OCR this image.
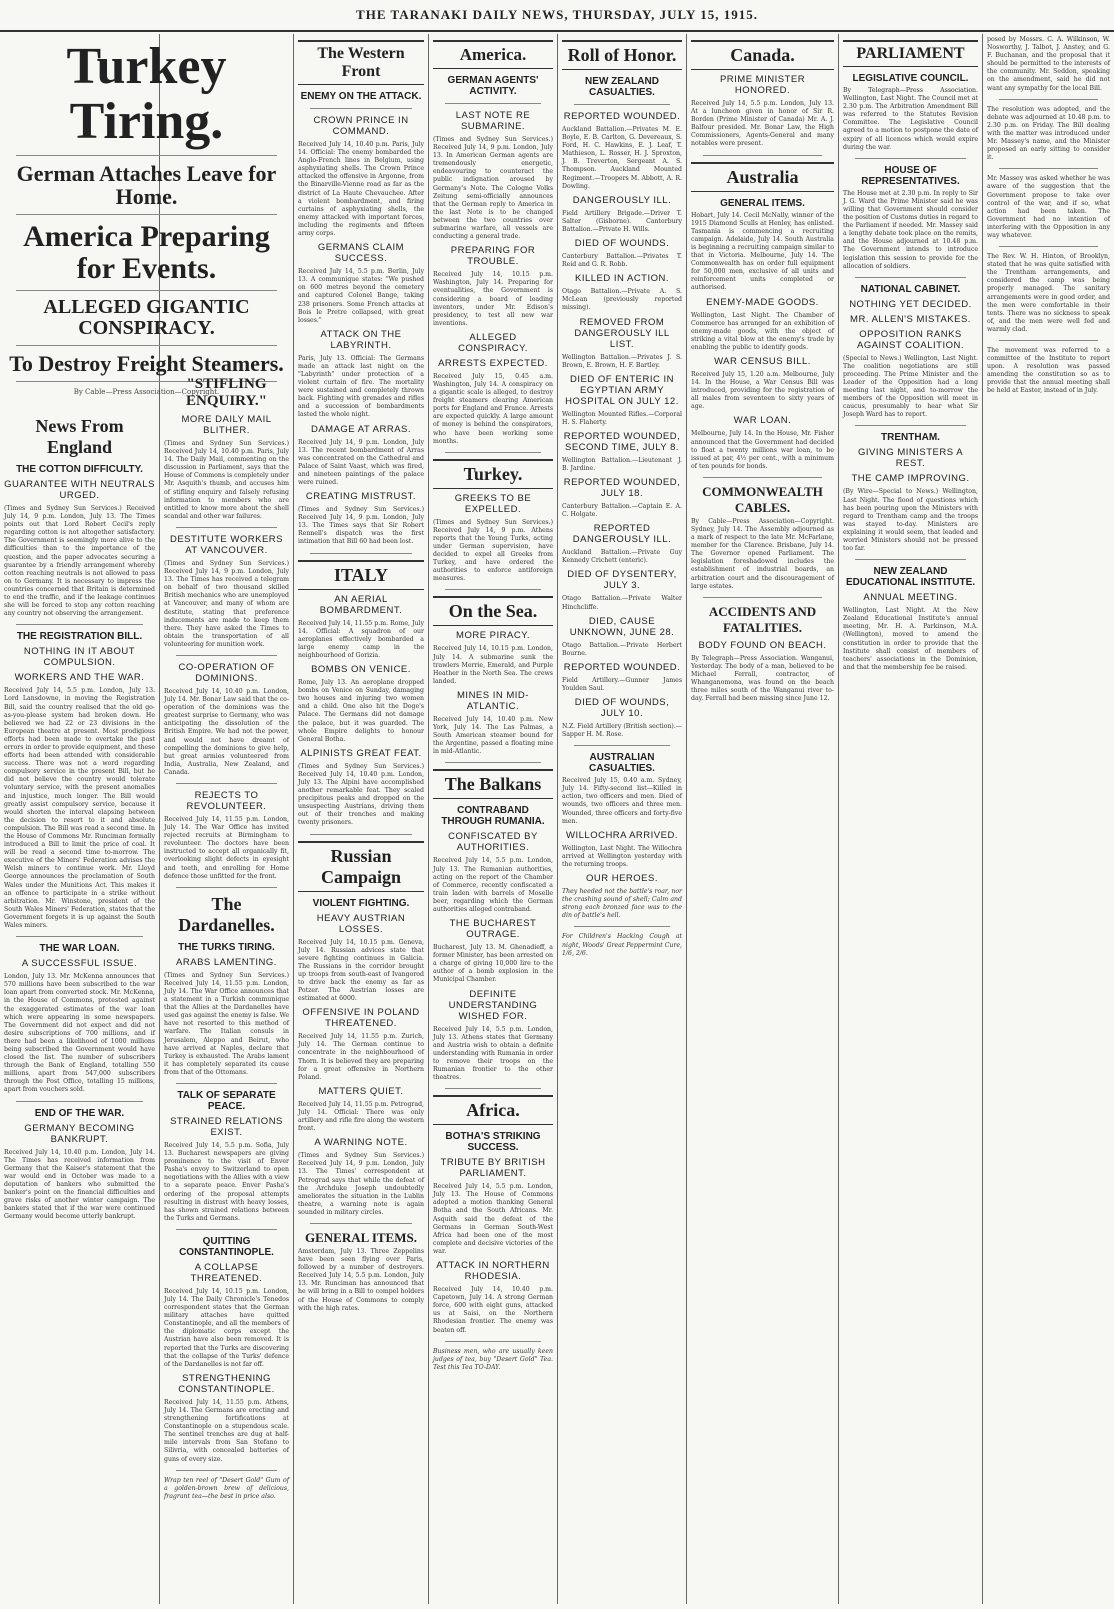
THE TARANAKI DAILY NEWS, THURSDAY, JULY 15, 1915.
Turkey Tiring.
German Attaches Leave for Home.
America Preparing for Events.
ALLEGED GIGANTIC CONSPIRACY.
To Destroy Freight Steamers.
By Cable—Press Association—Copyright.
News From England
THE COTTON DIFFICULTY.
GUARANTEE WITH NEUTRALS URGED.
(Times and Sydney Sun Services.) Received July 14, 9 p.m. London, July 13. The Times points out that Lord Robert Cecil's reply regarding cotton is not altogether satisfactory. The Government is seemingly more alive to the difficulties than to the importance of the question, and the paper advocates securing a guarantee by a friendly arrangement whereby cotton reaching neutrals is not allowed to pass on to Germany. It is necessary to impress the countries concerned that Britain is determined to end the traffic, and if the leakage continues she will be forced to stop any cotton reaching any country not observing the arrangement.
THE REGISTRATION BILL.
NOTHING IN IT ABOUT COMPULSION.
WORKERS AND THE WAR.
Received July 14, 5.5 p.m. London, July 13. Lord Lansdowne, in moving the Registration Bill, said the country realised that the old go-as-you-please system had broken down. He believed we had 22 or 23 divisions in the European theatre at present. Most prodigious efforts had been made to overtake the past errors in order to provide equipment, and these efforts had been attended with considerable success. There was not a word regarding compulsory service in the present Bill, but he did not believe the country would tolerate voluntary service, with the present anomalies and injustice, much longer. The Bill would greatly assist compulsory service, because it would shorten the interval elapsing between the decision to resort to it and absolute compulsion. The Bill was read a second time. In the House of Commons Mr. Runciman formally introduced a Bill to limit the price of coal. It will be read a second time to-morrow. The executive of the Miners' Federation advises the Welsh miners to continue work. Mr. Lloyd George announces the proclamation of South Wales under the Munitions Act. This makes it an offence to participate in a strike without arbitration. Mr. Winstone, president of the South Wales Miners' Federation, states that the Government forgets it is up against the South Wales miners.
THE WAR LOAN.
A SUCCESSFUL ISSUE.
London, July 13. Mr. McKenna announces that 570 millions have been subscribed to the war loan apart from converted stock. Mr. McKenna, in the House of Commons, protested against the exaggerated estimates of the war loan which were appearing in some newspapers. The Government did not expect and did not desire subscriptions of 700 millions, and if there had been a likelihood of 1000 millions being subscribed the Government would have closed the list. The number of subscribers through the Bank of England, totalling 550 millions, apart from 547,000 subscribers through the Post Office, totalling 15 millions, apart from vouchers sold.
END OF THE WAR.
GERMANY BECOMING BANKRUPT.
Received July 14, 10.40 p.m. London, July 14. The Times has received information from Germany that the Kaiser's statement that the war would end in October was made to a deputation of bankers who submitted the banker's point on the financial difficulties and grave risks of another winter campaign. The bankers stated that if the war were continued Germany would become utterly bankrupt.
"STIFLING ENQUIRY."
MORE DAILY MAIL BLITHER.
(Times and Sydney Sun Services.) Received July 14, 10.40 p.m. Paris, July 14. The Daily Mail, commenting on the discussion in Parliament, says that the House of Commons is completely under Mr. Asquith's thumb, and accuses him of stifling enquiry and falsely refusing information to members who are entitled to know more about the shell scandal and other war failures.
DESTITUTE WORKERS AT VANCOUVER.
(Times and Sydney Sun Services.) Received July 14, 9 p.m. London, July 13. The Times has received a telegram on behalf of two thousand skilled British mechanics who are unemployed at Vancouver, and many of whom are destitute, stating that preference inducements are made to keep them there. They have asked the Times to obtain the transportation of all volunteering for munition work.
CO-OPERATION OF DOMINIONS.
Received July 14, 10.40 p.m. London, July 14. Mr. Bonar Law said that the co-operation of the dominions was the greatest surprise to Germany, who was anticipating the dissolution of the British Empire. We had not the power, and would not have dreamt of compelling the dominions to give help, but great armies volunteered from India, Australia, New Zealand, and Canada.
REJECTS TO REVOLUNTEER.
Received July 14, 11.55 p.m. London, July 14. The War Office has invited rejected recruits at Birmingham to revolunteer. The doctors have been instructed to accept all organically fit, overlooking slight defects in eyesight and teeth, and enrolling for Home defence those unfitted for the front.
The Dardanelles.
THE TURKS TIRING.
ARABS LAMENTING.
(Times and Sydney Sun Services.) Received July 14, 11.55 p.m. London, July 14. The War Office announces that a statement in a Turkish communique that the Allies at the Dardanelles have used gas against the enemy is false. We have not resorted to this method of warfare. The Italian consuls in Jerusalem, Aleppo and Beirut, who have arrived at Naples, declare that Turkey is exhausted. The Arabs lament it has completely separated its cause from that of the Ottomans.
TALK OF SEPARATE PEACE.
STRAINED RELATIONS EXIST.
Received July 14, 5.5 p.m. Sofia, July 13. Bucharest newspapers are giving prominence to the visit of Enver Pasha's envoy to Switzerland to open negotiations with the Allies with a view to a separate peace. Enver Pasha's ordering of the proposal attempts resulting in distrust with heavy losses, has shown strained relations between the Turks and Germans.
QUITTING CONSTANTINOPLE.
A COLLAPSE THREATENED.
Received July 14, 10.15 p.m. London, July 14. The Daily Chronicle's Tenedos correspondent states that the German military attaches have quitted Constantinople, and all the members of the diplomatic corps except the Austrian have also been removed. It is reported that the Turks are discovering that the collapse of the Turks' defence of the Dardanelles is not far off.
STRENGTHENING CONSTANTINOPLE.
Received July 14, 11.55 p.m. Athens, July 14. The Germans are erecting and strengthening fortifications at Constantinople on a stupendous scale. The sentinel trenches are dug at half-mile intervals from San Stefano to Silivria, with concealed batteries of guns of every size.
Wrap ten reel of "Desert Gold" Gum of a golden-brown brew of delicious, fragrant tea—the best in price also.
The Western Front
ENEMY ON THE ATTACK.
CROWN PRINCE IN COMMAND.
Received July 14, 10.40 p.m. Paris, July 14. Official: The enemy bombarded the Anglo-French lines in Belgium, using asphyxiating shells. The Crown Prince attacked the offensive in Argonne, from the Binarville-Vienne road as far as the district of La Haute Chevauchee. After a violent bombardment, and firing curtains of asphyxiating shells, the enemy attacked with important forces, including the regiments and fifteen army corps.
GERMANS CLAIM SUCCESS.
Received July 14, 5.5 p.m. Berlin, July 13. A communique states: "We pushed on 600 metres beyond the cemetery and captured Colonel Bange, taking 238 prisoners. Some French attacks at Bois le Pretre collapsed, with great losses."
ATTACK ON THE LABYRINTH.
Paris, July 13. Official: The Germans made an attack last night on the "Labyrinth" under protection of a violent curtain of fire. The mortality were sustained and completely thrown back. Fighting with grenades and rifles and a succession of bombardments lasted the whole night.
DAMAGE AT ARRAS.
Received July 14, 9 p.m. London, July 13. The recent bombardment of Arras was concentrated on the Cathedral and Palace of Saint Vaast, which was fired, and nineteen paintings of the palace were ruined.
CREATING MISTRUST.
(Times and Sydney Sun Services.) Received July 14, 9 p.m. London, July 13. The Times says that Sir Robert Rennell's dispatch was the first intimation that Bill 60 had been lost.
ITALY
AN AERIAL BOMBARDMENT.
Received July 14, 11.55 p.m. Rome, July 14. Official: A squadron of our aeroplanes effectively bombarded a large enemy camp in the neighbourhood of Gorizia.
BOMBS ON VENICE.
Rome, July 13. An aeroplane dropped bombs on Venice on Sunday, damaging two houses and injuring two women and a child. One also hit the Doge's Palace. The Germans did not damage the palace, but it was guarded. The whole Empire delights to honour General Botha.
ALPINISTS GREAT FEAT.
(Times and Sydney Sun Services.) Received July 14, 10.40 p.m. London, July 13. The Alpini have accomplished another remarkable feat. They scaled precipitous peaks and dropped on the unsuspecting Austrians, driving them out of their trenches and making twenty prisoners.
Russian Campaign
VIOLENT FIGHTING.
HEAVY AUSTRIAN LOSSES.
Received July 14, 10.15 p.m. Geneva, July 14. Russian advices state that severe fighting continues in Galicia. The Russians in the corridor brought up troops from south-east of Ivangorod to drive back the enemy as far as Potzer. The Austrian losses are estimated at 6000.
OFFENSIVE IN POLAND THREATENED.
Received July 14, 11.55 p.m. Zurich, July 14. The German continue to concentrate in the neighbourhood of Thorn. It is believed they are preparing for a great offensive in Northern Poland.
MATTERS QUIET.
Received July 14, 11.55 p.m. Petrograd, July 14. Official: There was only artillery and rifle fire along the western front.
A WARNING NOTE.
(Times and Sydney Sun Services.) Received July 14, 9 p.m. London, July 13. The Times' correspondent at Petrograd says that while the defeat of the Archduke Joseph undoubtedly ameliorates the situation in the Lublin theatre, a warning note is again sounded in military circles.
GENERAL ITEMS.
Amsterdam, July 13. Three Zeppelins have been seen flying over Paris, followed by a number of destroyers. Received July 14, 5.5 p.m. London, July 13. Mr. Runciman has announced that he will bring in a Bill to compel holders of the House of Commons to comply with the high rates.
America.
GERMAN AGENTS' ACTIVITY.
LAST NOTE RE SUBMARINE.
(Times and Sydney Sun Services.) Received July 14, 9 p.m. London, July 13. In American German agents are tremendously energetic, endeavouring to counteract the public indignation aroused by Germany's Note. The Cologne Volks Zeitung semi-officially announces that the German reply to America in the last Note is to be changed between the two countries over submarine warfare, all vessels are conducting a general trade.
PREPARING FOR TROUBLE.
Received July 14, 10.15 p.m. Washington, July 14. Preparing for eventualities, the Government is considering a board of leading inventors, under Mr. Edison's presidency, to test all new war inventions.
ALLEGED CONSPIRACY.
ARRESTS EXPECTED.
Received July 15, 0.45 a.m. Washington, July 14. A conspiracy on a gigantic scale is alleged, to destroy freight steamers clearing American ports for England and France. Arrests are expected quickly. A large amount of money is behind the conspirators, who have been working some months.
Turkey.
GREEKS TO BE EXPELLED.
(Times and Sydney Sun Services.) Received July 14, 9 p.m. Athens reports that the Young Turks, acting under German supervision, have decided to expel all Greeks from Turkey, and have ordered the authorities to enforce antiforeign measures.
On the Sea.
MORE PIRACY.
Received July 14, 10.15 p.m. London, July 14. A submarine sunk the trawlers Merrie, Emerald, and Purple Heather in the North Sea. The crews landed.
MINES IN MID-ATLANTIC.
Received July 14, 10.40 p.m. New York, July 14. The Las Palmas, a South American steamer bound for the Argentine, passed a floating mine in mid-Atlantic.
The Balkans
CONTRABAND THROUGH RUMANIA.
CONFISCATED BY AUTHORITIES.
Received July 14, 5.5 p.m. London, July 13. The Rumanian authorities, acting on the report of the Chamber of Commerce, recently confiscated a train laden with barrels of Moselle beer, regarding which the German authorities alleged contraband.
THE BUCHAREST OUTRAGE.
Bucharest, July 13. M. Ghenadieff, a former Minister, has been arrested on a charge of giving 10,000 lire to the author of a bomb explosion in the Municipal Chamber.
DEFINITE UNDERSTANDING WISHED FOR.
Received July 14, 5.5 p.m. London, July 13. Athens states that Germany and Austria wish to obtain a definite understanding with Rumania in order to remove their troops on the Rumanian frontier to the other theatres.
Africa.
BOTHA'S STRIKING SUCCESS.
TRIBUTE BY BRITISH PARLIAMENT.
Received July 14, 5.5 p.m. London, July 13. The House of Commons adopted a motion thanking General Botha and the South Africans. Mr. Asquith said the defeat of the Germans in German South-West Africa had been one of the most complete and decisive victories of the war.
ATTACK IN NORTHERN RHODESIA.
Received July 14, 10.40 p.m. Capetown, July 14. A strong German force, 600 with eight guns, attacked us at Saisi, on the Northern Rhodesian frontier. The enemy was beaten off.
Business men, who are usually keen judges of tea, buy "Desert Gold" Tea. Test this Tea TO-DAY.
Roll of Honor.
NEW ZEALAND CASUALTIES.
REPORTED WOUNDED.
Auckland Battalion.—Privates M. E. Boyle, E. B. Carlton, G. Devereaux, S. Ford, H. C. Hawkins, E. J. Leaf, T. Mathieson, L. Rosser, H. J. Sproxton, J. B. Treverton, Sergeant A. S. Thompson. Auckland Mounted Regiment.—Troopers M. Abbott, A. R. Dowling.
DANGEROUSLY ILL.
Field Artillery Brigade.—Driver T. Salter (Gisborne). Canterbury Battalion.—Private H. Wills.
DIED OF WOUNDS.
Canterbury Battalion.—Privates T. Reid and G. R. Robb.
KILLED IN ACTION.
Otago Battalion.—Private A. S. McLean (previously reported missing).
REMOVED FROM DANGEROUSLY ILL LIST.
Wellington Battalion.—Privates J. S. Brown, E. Brown, H. F. Bartley.
DIED OF ENTERIC IN EGYPTIAN ARMY HOSPITAL ON JULY 12.
Wellington Mounted Rifles.—Corporal H. S. Flaherty.
REPORTED WOUNDED, SECOND TIME, JULY 8.
Wellington Battalion.—Lieutenant J. B. Jardine.
REPORTED WOUNDED, JULY 18.
Canterbury Battalion.—Captain E. A. C. Holgate.
REPORTED DANGEROUSLY ILL.
Auckland Battalion.—Private Guy Kennedy Crichett (enteric).
DIED OF DYSENTERY, JULY 3.
Otago Battalion.—Private Walter Hinchcliffe.
DIED, CAUSE UNKNOWN, JUNE 28.
Otago Battalion.—Private Herbert Bourne.
REPORTED WOUNDED.
Field Artillery.—Gunner James Youlden Saul.
DIED OF WOUNDS, JULY 10.
N.Z. Field Artillery (British section).—Sapper H. M. Rose.
AUSTRALIAN CASUALTIES.
Received July 15, 0.40 a.m. Sydney, July 14. Fifty-second list—Killed in action, two officers and men. Died of wounds, two officers and three men. Wounded, three officers and forty-five men.
WILLOCHRA ARRIVED.
Wellington, Last Night. The Willochra arrived at Wellington yesterday with the returning troops.
OUR HEROES.
They heeded not the battle's roar, nor the crashing sound of shell; Calm and strong each bronzed face was to the din of battle's hell.
For Children's Hacking Cough at night, Woods' Great Peppermint Cure, 1/6, 2/6.
Canada.
PRIME MINISTER HONORED.
Received July 14, 5.5 p.m. London, July 13. At a luncheon given in honor of Sir R. Borden (Prime Minister of Canada) Mr. A. J. Balfour presided. Mr. Bonar Law, the High Commissioners, Agents-General and many notables were present.
Australia
GENERAL ITEMS.
Hobart, July 14. Cecil McNally, winner of the 1915 Diamond Sculls at Henley, has enlisted. Tasmania is commencing a recruiting campaign. Adelaide, July 14. South Australia is beginning a recruiting campaign similar to that in Victoria. Melbourne, July 14. The Commonwealth has on order full equipment for 50,000 men, exclusive of all units and reinforcement units completed or authorised.
ENEMY-MADE GOODS.
Wellington, Last Night. The Chamber of Commerce has arranged for an exhibition of enemy-made goods, with the object of striking a vital blow at the enemy's trade by enabling the public to identify goods.
WAR CENSUS BILL.
Received July 15, 1.20 a.m. Melbourne, July 14. In the House, a War Census Bill was introduced, providing for the registration of all males from seventeen to sixty years of age.
WAR LOAN.
Melbourne, July 14. In the House, Mr. Fisher announced that the Government had decided to float a twenty millions war loan, to be issued at par, 4½ per cent., with a minimum of ten pounds for bonds.
COMMONWEALTH CABLES.
By Cable—Press Association—Copyright. Sydney, July 14. The Assembly adjourned as a mark of respect to the late Mr. McFarlane, member for the Clarence. Brisbane, July 14. The Governor opened Parliament. The legislation foreshadowed includes the establishment of industrial boards, an arbitration court and the discouragement of large estates.
ACCIDENTS AND FATALITIES.
BODY FOUND ON BEACH.
By Telegraph—Press Association. Wanganui, Yesterday. The body of a man, believed to be Michael Ferrall, contractor, of Whanganomona, was found on the beach three miles south of the Wanganui river to-day. Ferrall had been missing since June 12.
PARLIAMENT
LEGISLATIVE COUNCIL.
By Telegraph—Press Association. Wellington, Last Night. The Council met at 2.30 p.m. The Arbitration Amendment Bill was referred to the Statutes Revision Committee. The Legislative Council agreed to a motion to postpone the date of expiry of all licences which would expire during the war.
HOUSE OF REPRESENTATIVES.
The House met at 2.30 p.m. In reply to Sir J. G. Ward the Prime Minister said he was willing that Government should consider the position of Customs duties in regard to the Parliament if needed. Mr. Massey said a lengthy debate took place on the remits, and the House adjourned at 10.48 p.m. The Government intends to introduce legislation this session to provide for the allocation of soldiers.
NATIONAL CABINET.
NOTHING YET DECIDED.
MR. ALLEN'S MISTAKES.
OPPOSITION RANKS AGAINST COALITION.
(Special to News.) Wellington, Last Night. The coalition negotiations are still proceeding. The Prime Minister and the Leader of the Opposition had a long meeting last night, and to-morrow the members of the Opposition will meet in caucus, presumably to hear what Sir Joseph Ward has to report.
TRENTHAM.
GIVING MINISTERS A REST.
THE CAMP IMPROVING.
(By Wire—Special to News.) Wellington, Last Night. The flood of questions which has been pouring upon the Ministers with regard to Trentham camp and the troops was stayed to-day. Ministers are explaining it would seem, that leaded and worried Ministers should not be pressed too far.
NEW ZEALAND EDUCATIONAL INSTITUTE.
ANNUAL MEETING.
Wellington, Last Night. At the New Zealand Educational Institute's annual meeting, Mr. H. A. Parkinson, M.A. (Wellington), moved to amend the constitution in order to provide that the Institute shall consist of members of teachers' associations in the Dominion, and that the membership fee be raised.
posed by Messrs. C. A. Wilkinson, W. Nosworthy, J. Talbot, J. Anstey, and G. F. Buchanan, and the proposal that it should be permitted to the interests of the community. Mr. Seddon, speaking on the amendment, said he did not want any sympathy for the local Bill.
The resolution was adopted, and the debate was adjourned at 10.48 p.m. to 2.30 p.m. on Friday. The Bill dealing with the matter was introduced under Mr. Massey's name, and the Minister proposed an early sitting to consider it.
Mr. Massey was asked whether he was aware of the suggestion that the Government propose to take over control of the war, and if so, what action had been taken. The Government had no intention of interfering with the Opposition in any way whatever.
The Rev. W. H. Hinton, of Brooklyn, stated that he was quite satisfied with the Trentham arrangements, and considered the camp was being properly managed. The sanitary arrangements were in good order, and the men were comfortable in their tents. There was no sickness to speak of, and the men were well fed and warmly clad.
The movement was referred to a committee of the Institute to report upon. A resolution was passed amending the constitution so as to provide that the annual meeting shall be held at Easter, instead of in July.
